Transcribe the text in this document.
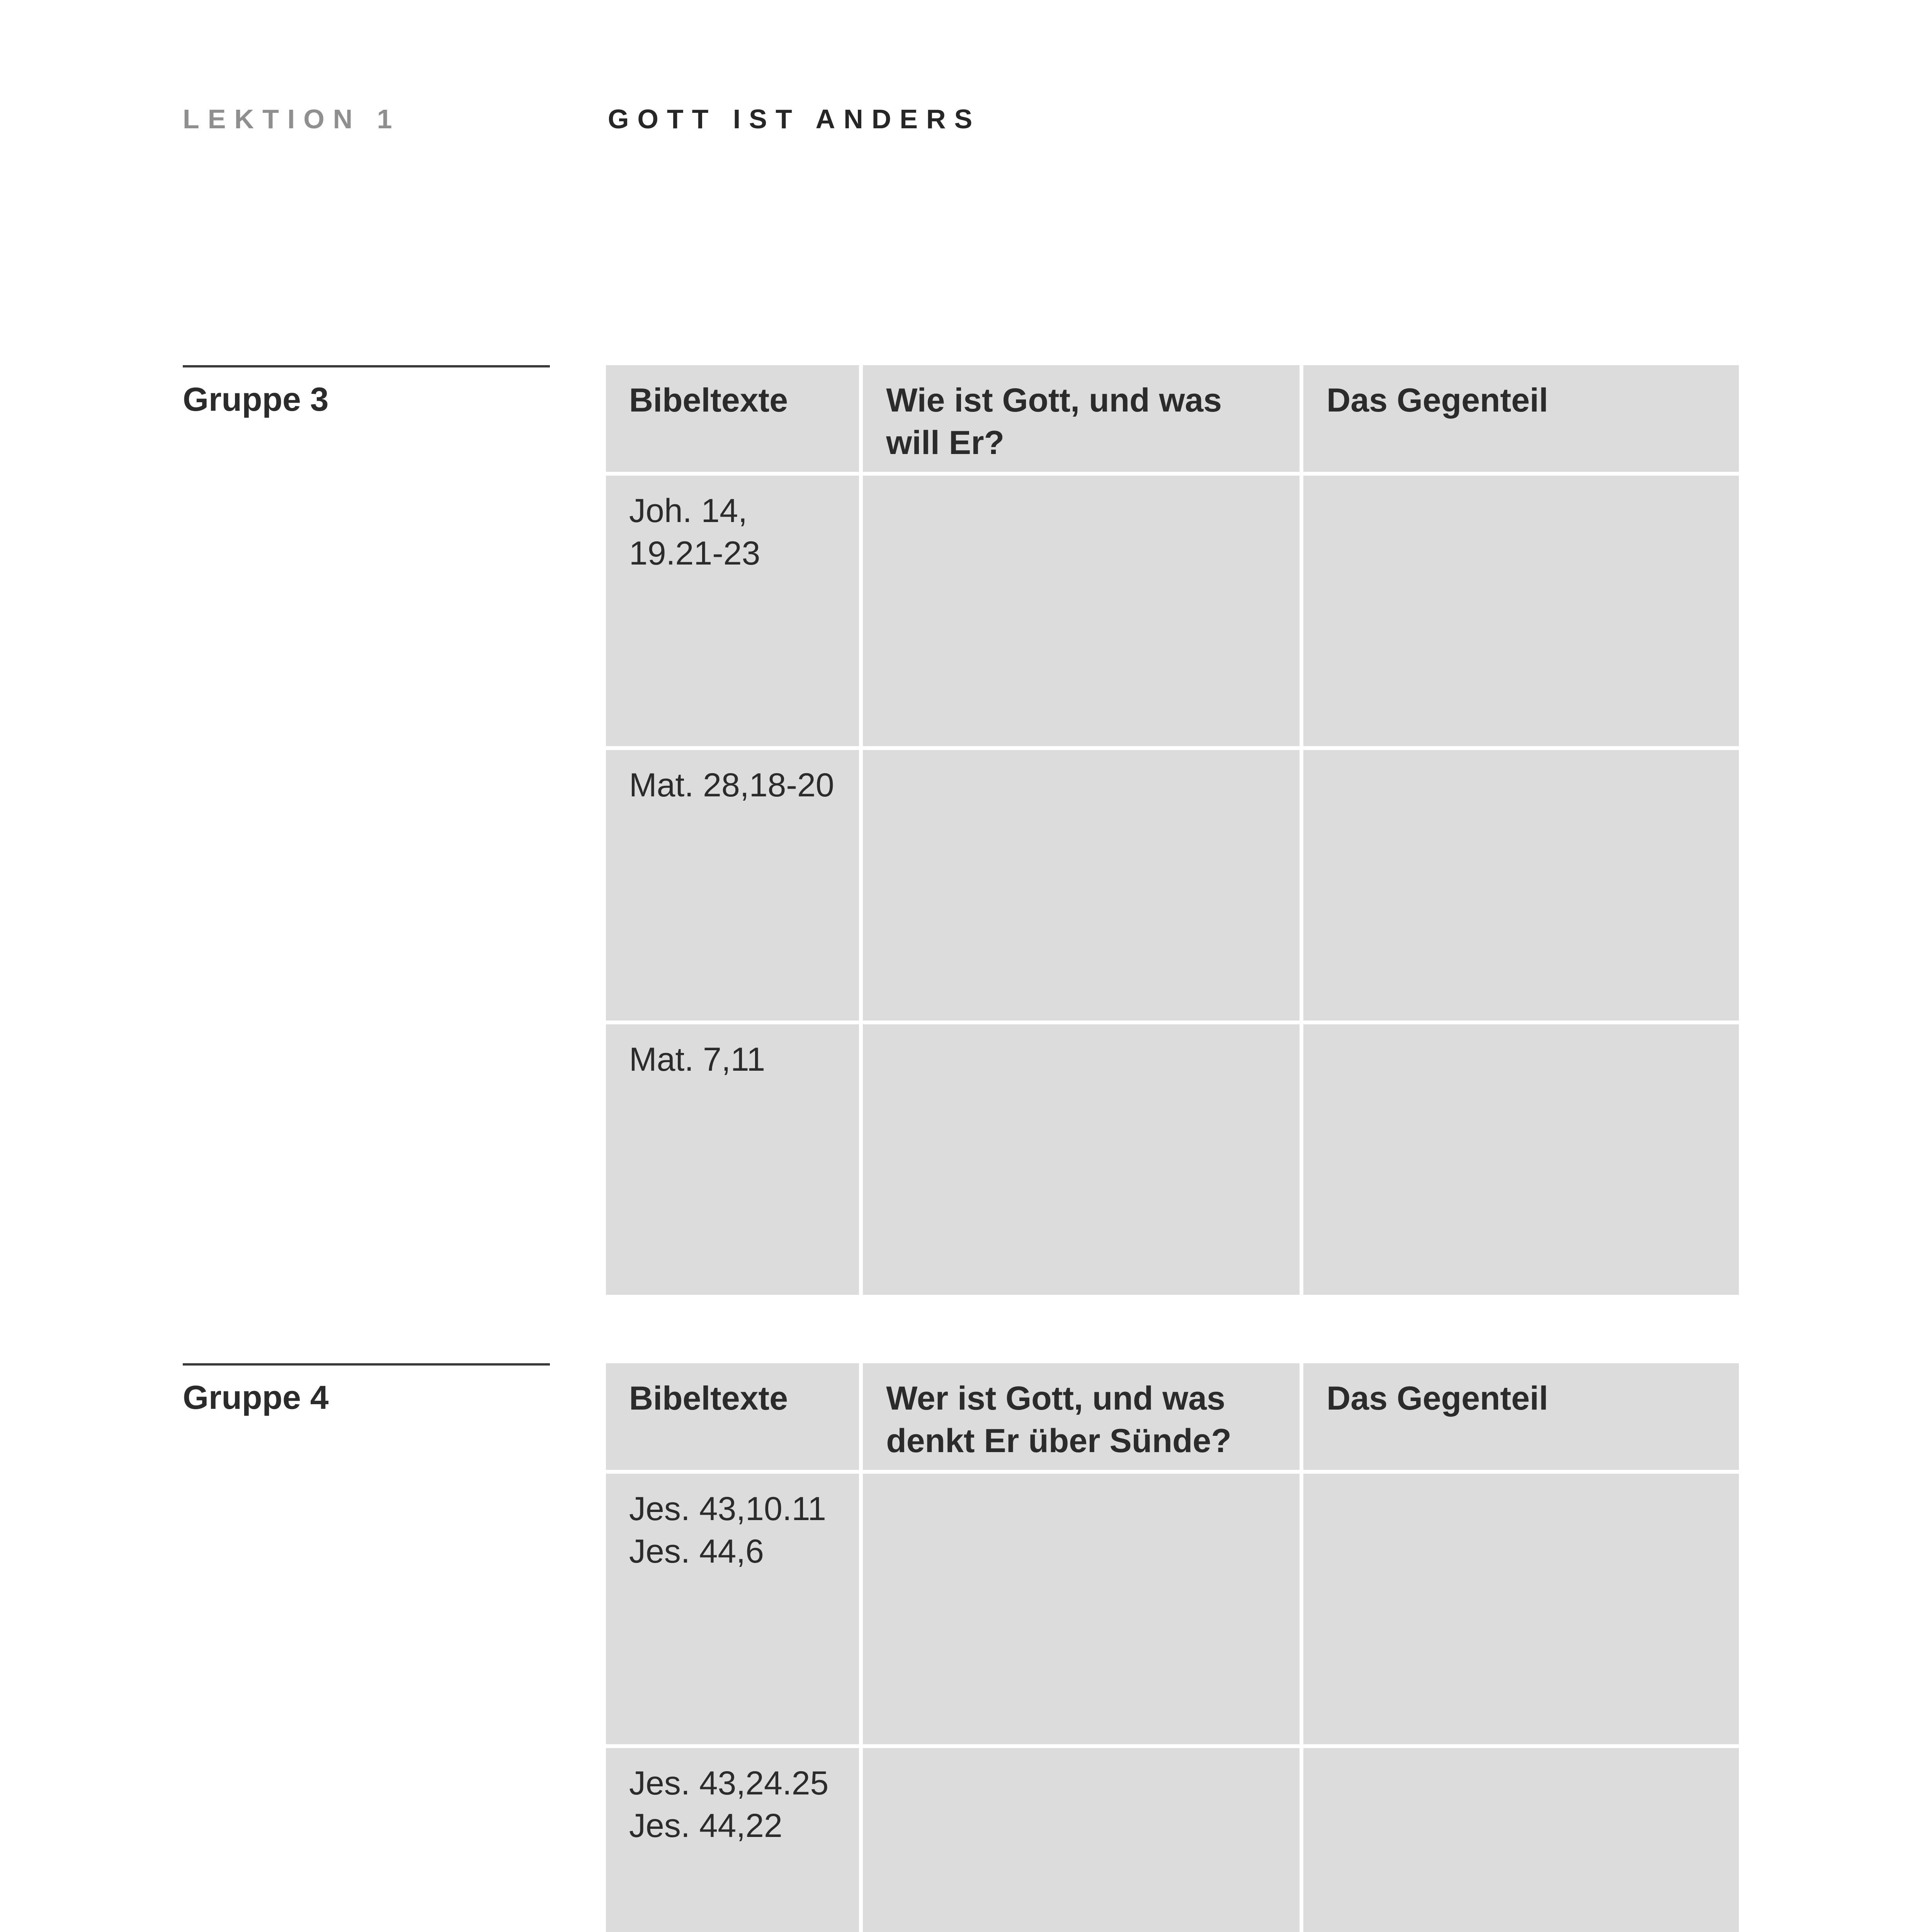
LEKTION 1	GOTT IST ANDERS
Gruppe 3	Bibeltexte	Wie ist Gott, und was will Er?	Das Gegenteil

Joh. 14,
19.21-23		

Mat. 28,18-20		

Mat. 7,11		

Gruppe 4	Bibeltexte	Wer ist Gott, und was denkt Er über Sünde?	Das Gegenteil

Jes. 43,10.11
Jes. 44,6		

Jes. 43,24.25
Jes. 44,22		
